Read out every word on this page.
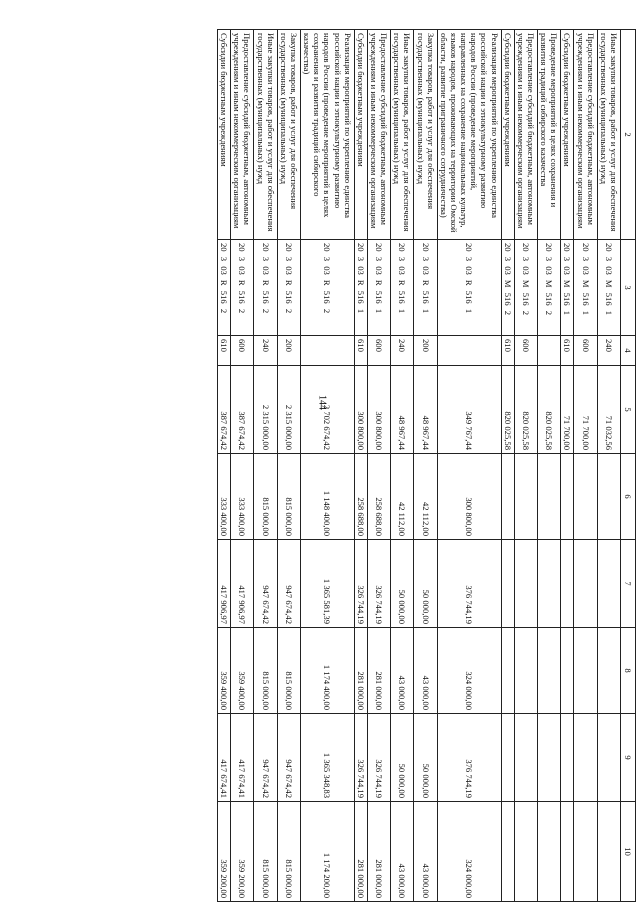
144
2	3	4	5	6	7	8	9	10
Иные закупки товаров, работ и услуг для обеспечения государственных (муниципальных) нужд	20 3 03 M 516 1	240	71 032,56					
Предоставление субсидий бюджетным, автономным учреждениям и иным некоммерческим организациям	20 3 03 M 516 1	600	71 700,00					
Субсидии бюджетным учреждениям	20 3 03 M 516 1	610	71 700,00					
Проведение мероприятий в целях сохранения и развития традиций сибирского казачества	20 3 03 M 516 2		820 025,58					
Предоставление субсидий бюджетным, автономным учреждениям и иным некоммерческим организациям	20 3 03 M 516 2	600	820 025,58					
Субсидии бюджетным учреждениям	20 3 03 M 516 2	610	820 025,58					
Реализация мероприятий по укреплению единства российской нации и этнокультурному развитию народов России (проведение мероприятий, направленных на сохранение национальных культур, языков народов, проживающих на территории Омской области, развитие приграничного сотрудничества)	20 3 03 R 516 1		349 767,44	300 800,00	376 744,19	324 000,00	376 744,19	324 000,00
Закупка товаров, работ и услуг для обеспечения государственных (муниципальных) нужд	20 3 03 R 516 1	200	48 967,44	42 112,00	50 000,00	43 000,00	50 000,00	43 000,00
Иные закупки товаров, работ и услуг для обеспечения государственных (муниципальных) нужд	20 3 03 R 516 1	240	48 967,44	42 112,00	50 000,00	43 000,00	50 000,00	43 000,00
Предоставление субсидий бюджетным, автономным учреждениям и иным некоммерческим организациям	20 3 03 R 516 1	600	300 800,00	258 688,00	326 744,19	281 000,00	326 744,19	281 000,00
Субсидии бюджетным учреждениям	20 3 03 R 516 1	610	300 800,00	258 688,00	326 744,19	281 000,00	326 744,19	281 000,00
Реализация мероприятий по укреплению единства российской нации и этнокультурному развитию народов России (проведение мероприятий в целях сохранения и развития традиций сибирского казачества)	20 3 03 R 516 2		2 702 674,42	1 148 400,00	1 365 581,39	1 174 400,00	1 365 348,83	1 174 200,00
Закупка товаров, работ и услуг для обеспечения государственных (муниципальных) нужд	20 3 03 R 516 2	200	2 315 000,00	815 000,00	947 674,42	815 000,00	947 674,42	815 000,00
Иные закупки товаров, работ и услуг для обеспечения государственных (муниципальных) нужд	20 3 03 R 516 2	240	2 315 000,00	815 000,00	947 674,42	815 000,00	947 674,42	815 000,00
Предоставление субсидий бюджетным, автономным учреждениям и иным некоммерческим организациям	20 3 03 R 516 2	600	387 674,42	333 400,00	417 906,97	359 400,00	417 674,41	359 200,00
Субсидии бюджетным учреждениям	20 3 03 R 516 2	610	387 674,42	333 400,00	417 906,97	359 400,00	417 674,41	359 200,00
